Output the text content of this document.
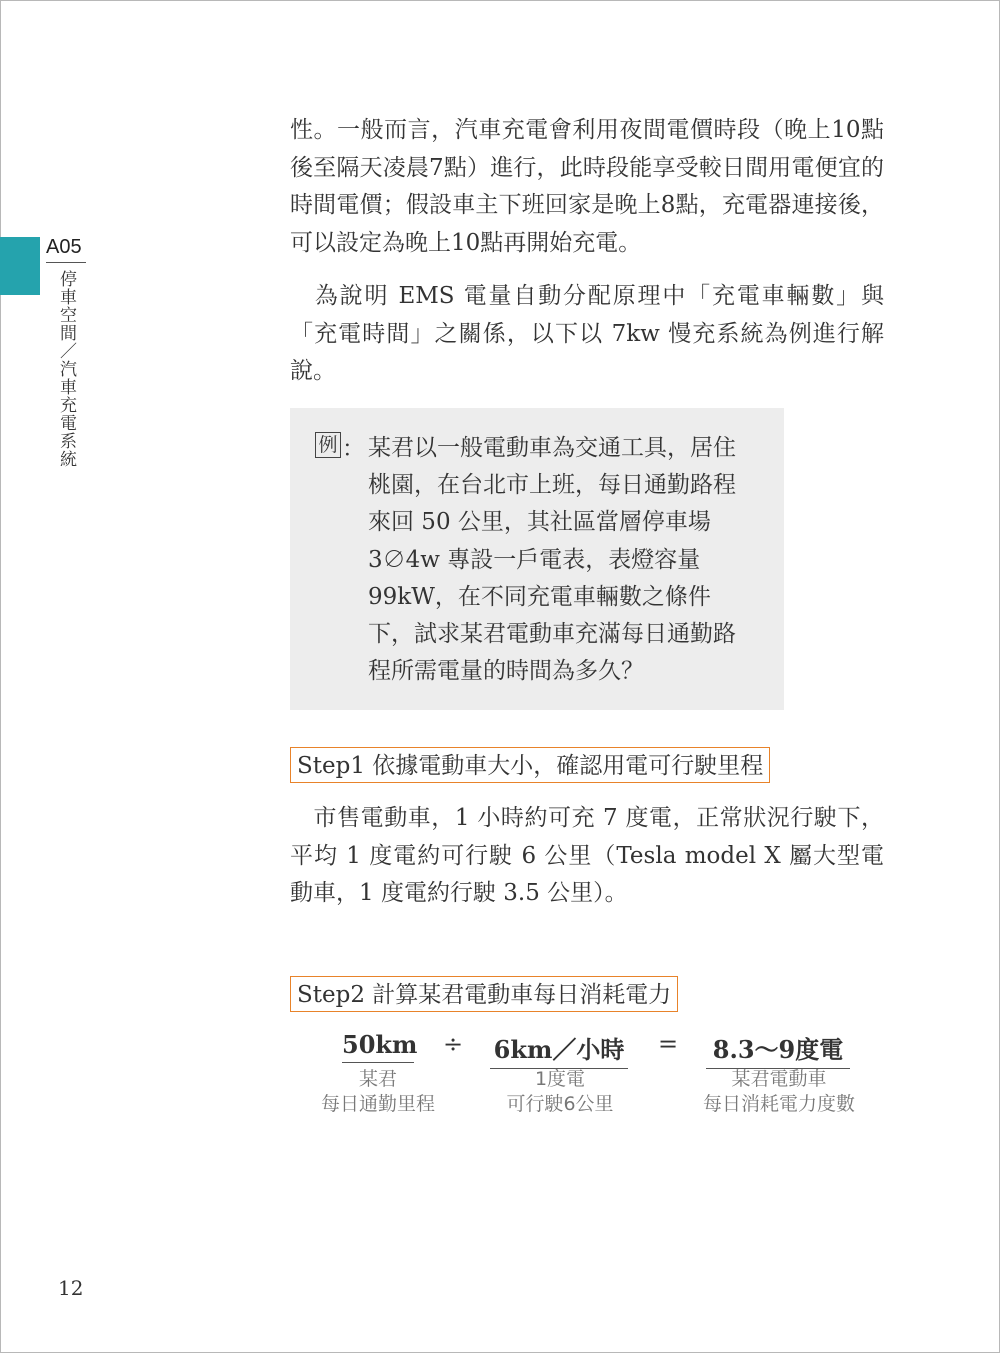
A05
停車空間／汽車充電系統

性。一般而言，汽車充電會利用夜間電價時段（晚上10點後至隔天凌晨7點）進行，此時段能享受較日間用電便宜的時間電價；假設車主下班回家是晚上8點，充電器連接後，可以設定為晚上10點再開始充電。

　為說明 EMS 電量自動分配原理中「充電車輛數」與「充電時間」之關係，以下以 7kw 慢充系統為例進行解說。

例 ： 某君以一般電動車為交通工具，居住桃園，在台北市上班，每日通勤路程來回 50 公里，其社區當層停車場 3∅4w 專設一戶電表，表燈容量99kW，在不同充電車輛數之條件下，試求某君電動車充滿每日通勤路程所需電量的時間為多久？

Step1 依據電動車大小，確認用電可行駛里程

　市售電動車，1 小時約可充 7 度電，正常狀況行駛下，平均 1 度電約可行駛 6 公里（Tesla model X 屬大型電動車，1 度電約行駛 3.5 公里）。

Step2 計算某君電動車每日消耗電力
50km ÷ 6km／小時 = 8.3～9度電
某君
每日通勤里程
1度電
可行駛6公里
某君電動車
每日消耗電力度數
12
